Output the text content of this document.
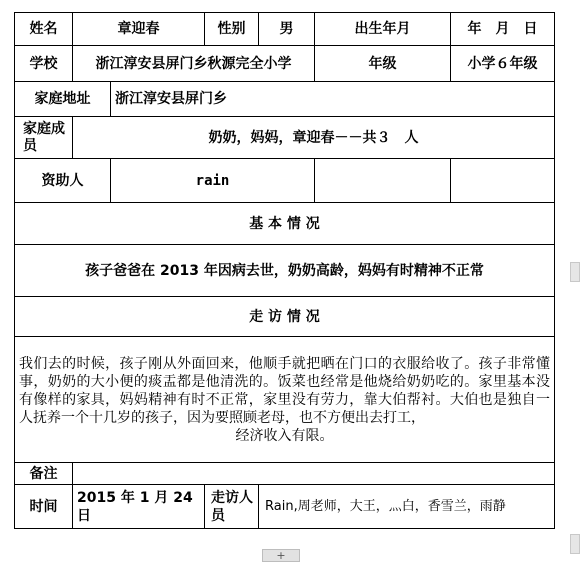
姓名	章迎春		性别	男	出生年月	年　月　日
学校	浙江淳安县屏门乡秋源完全小学				年级	小学６年级
家庭地址		浙江淳安县屏门乡				
家庭成员	奶奶，妈妈，章迎春－－共３　人					
资助人		rain				
基 本 情 况						
孩子爸爸在 2013 年因病去世，奶奶高龄，妈妈有时精神不正常						
走 访 情 况						
我们去的时候，孩子刚从外面回来，他顺手就把晒在门口的衣服给收了。孩子非常懂事，奶奶的大小便的痰盂都是他清洗的。饭菜也经常是他烧给奶奶吃的。家里基本没有像样的家具，妈妈精神有时不正常，家里没有劳力，靠大伯帮衬。大伯也是独自一人抚养一个十几岁的孩子，因为要照顾老母，也不方便出去打工，
经济收入有限。						

备注						
时间	2015 年 1 月 24 日		走访人员	Rain,周老师，大王，灬白，香雪兰，雨静		
+
